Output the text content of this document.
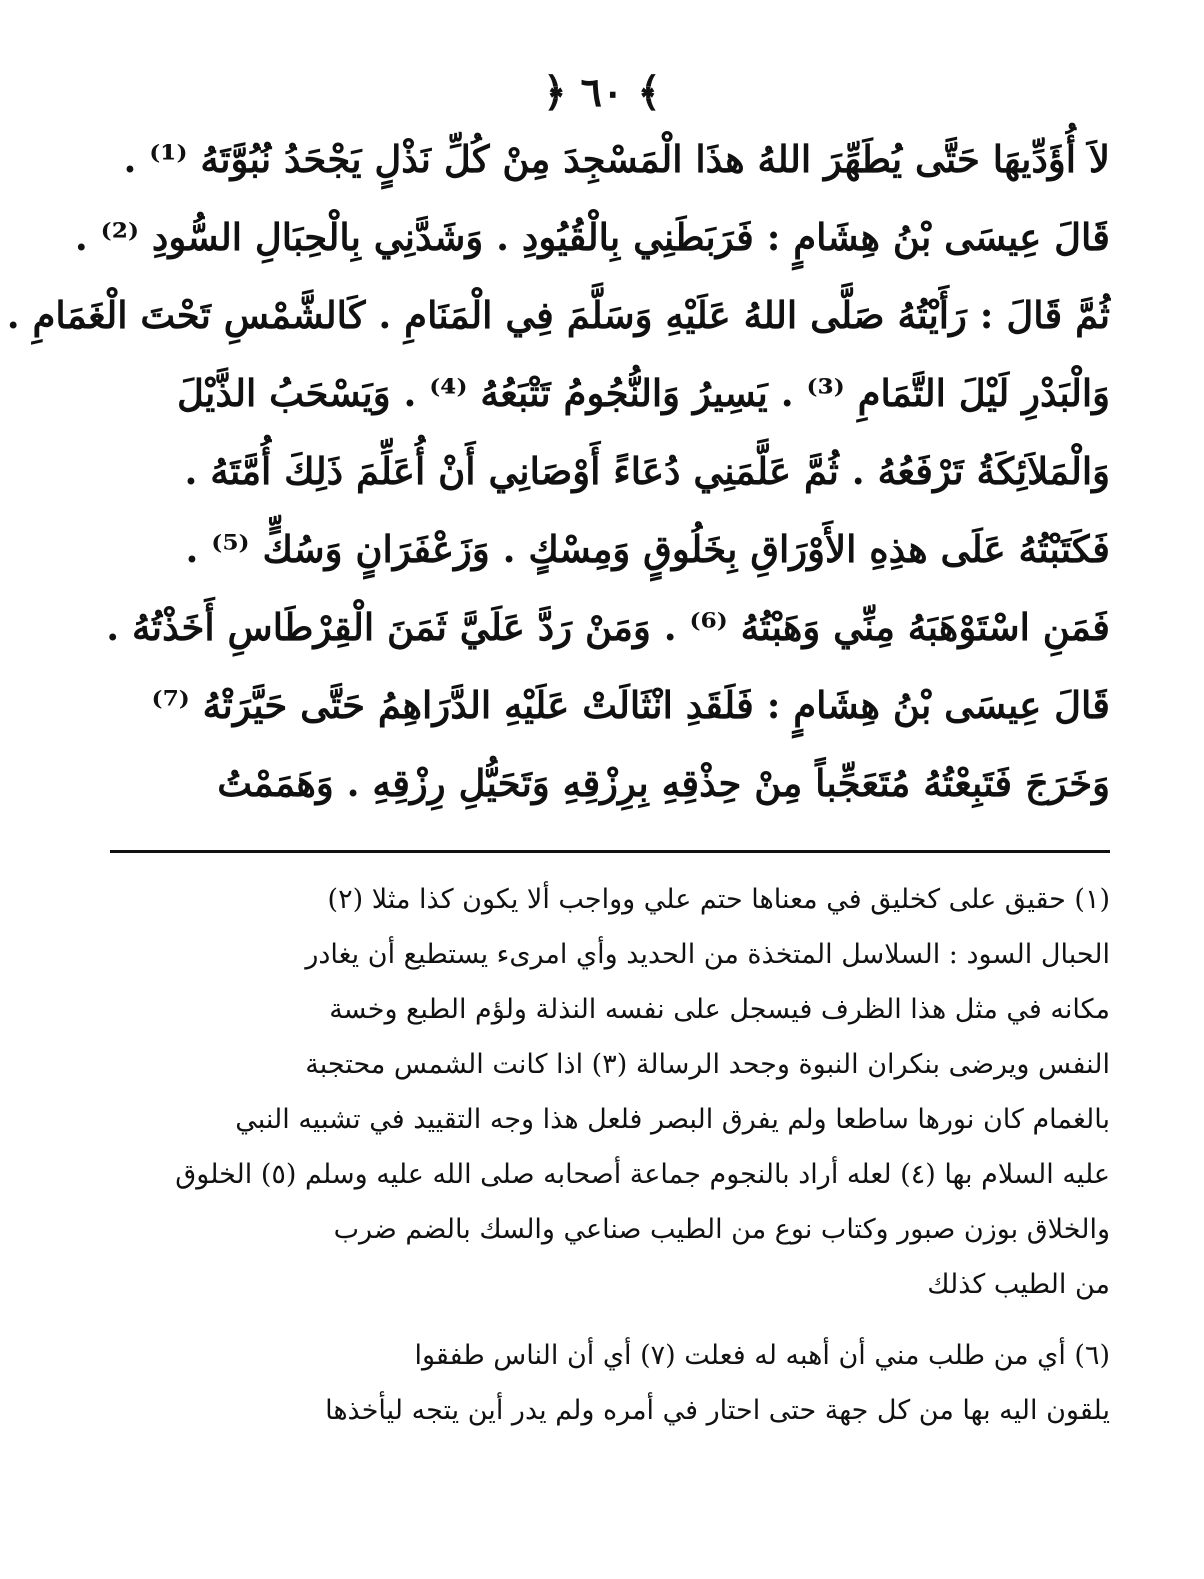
﴿ ٦٠ ﴾
لاَ أُؤَدِّيهَا حَتَّى يُطَهِّرَ اللهُ هذَا الْمَسْجِدَ مِنْ كُلِّ نَذْلٍ يَجْحَدُ نُبُوَّتَهُ ⁽¹⁾ .
قَالَ عِيسَى بْنُ هِشَامٍ : فَرَبَطَنِي بِالْقُيُودِ . وَشَدَّنِي بِالْحِبَالِ السُّودِ ⁽²⁾ .
ثُمَّ قَالَ : رَأَيْتُهُ صَلَّى اللهُ عَلَيْهِ وَسَلَّمَ فِي الْمَنَامِ . كَالشَّمْسِ تَحْتَ الْغَمَامِ .
وَالْبَدْرِ لَيْلَ التَّمَامِ ⁽³⁾ . يَسِيرُ وَالنُّجُومُ تَتْبَعُهُ ⁽⁴⁾ . وَيَسْحَبُ الذَّيْلَ
وَالْمَلاَئِكَةُ تَرْفَعُهُ . ثُمَّ عَلَّمَنِي دُعَاءً أَوْصَانِي أَنْ أُعَلِّمَ ذَلِكَ أُمَّتَهُ .
فَكَتَبْتُهُ عَلَى هذِهِ الأَوْرَاقِ بِخَلُوقٍ وَمِسْكٍ . وَزَعْفَرَانٍ وَسُكٍّ ⁽⁵⁾ .
فَمَنِ اسْتَوْهَبَهُ مِنِّي وَهَبْتُهُ ⁽⁶⁾ . وَمَنْ رَدَّ عَلَيَّ ثَمَنَ الْقِرْطَاسِ أَخَذْتُهُ .
قَالَ عِيسَى بْنُ هِشَامٍ : فَلَقَدِ انْثَالَتْ عَلَيْهِ الدَّرَاهِمُ حَتَّى حَيَّرَتْهُ ⁽⁷⁾
وَخَرَجَ فَتَبِعْتُهُ مُتَعَجِّباً مِنْ حِذْقِهِ بِرِزْقِهِ وَتَحَيُّلِ رِزْقِهِ . وَهَمَمْتُ
(١) حقيق على كخليق في معناها حتم علي وواجب ألا يكون كذا مثلا (٢)
الحبال السود : السلاسل المتخذة من الحديد وأي امرىء يستطيع أن يغادر
مكانه في مثل هذا الظرف فيسجل على نفسه النذلة ولؤم الطبع وخسة
النفس ويرضى بنكران النبوة وجحد الرسالة (٣) اذا كانت الشمس محتجبة
بالغمام كان نورها ساطعا ولم يفرق البصر فلعل هذا وجه التقييد في تشبيه النبي
عليه السلام بها (٤) لعله أراد بالنجوم جماعة أصحابه صلى الله عليه وسلم (٥) الخلوق
والخلاق بوزن صبور وكتاب نوع من الطيب صناعي والسك بالضم ضرب
من الطيب كذلك
(٦) أي من طلب مني أن أهبه له فعلت (٧) أي أن الناس طفقوا
يلقون اليه بها من كل جهة حتى احتار في أمره ولم يدر أين يتجه ليأخذها
